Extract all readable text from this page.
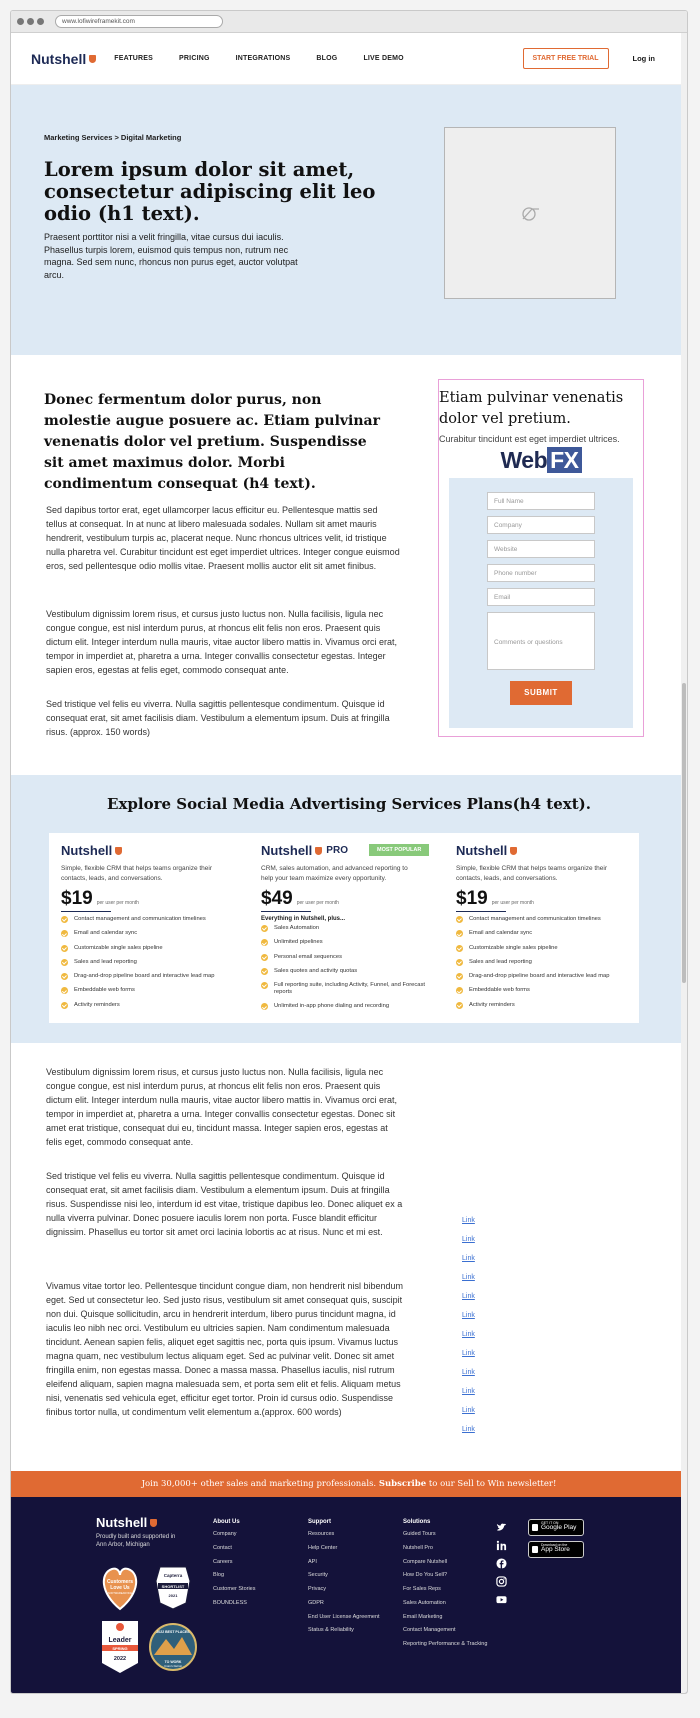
www.lofiwireframekit.com
Nutshell	FEATURES	PRICING	INTEGRATIONS	BLOG	LIVE DEMO	START FREE TRIAL	Log in
Marketing Services > Digital Marketing
Lorem ipsum dolor sit amet, consectetur adipiscing elit leo odio (h1 text).

Praesent porttitor nisi a velit fringilla, vitae cursus dui iaculis. Phasellus turpis lorem, euismod quis tempus non, rutrum nec magna. Sed sem nunc, rhoncus non purus eget, auctor volutpat arcu.

Donec fermentum dolor purus, non molestie augue posuere ac. Etiam pulvinar venenatis dolor vel pretium. Suspendisse sit amet maximus dolor. Morbi condimentum consequat (h4 text).

Sed dapibus tortor erat, eget ullamcorper lacus efficitur eu. Pellentesque mattis sed tellus at consequat. In at nunc at libero malesuada sodales. Nullam sit amet mauris hendrerit, vestibulum turpis ac, placerat neque. Nunc rhoncus ultrices velit, id tristique nulla pharetra vel. Curabitur tincidunt est eget imperdiet ultrices. Integer congue euismod eros, sed pellentesque odio mollis vitae. Praesent mollis auctor elit sit amet finibus.

Vestibulum dignissim lorem risus, et cursus justo luctus non. Nulla facilisis, ligula nec congue congue, est nisl interdum purus, at rhoncus elit felis non eros. Praesent quis dictum elit. Integer interdum nulla mauris, vitae auctor libero mattis in. Vivamus orci erat, tempor in imperdiet at, pharetra a urna. Integer convallis consectetur egestas. Integer sapien eros, egestas at felis eget, commodo consequat ante.

Sed tristique vel felis eu viverra. Nulla sagittis pellentesque condimentum. Quisque id consequat erat, sit amet facilisis diam. Vestibulum a elementum ipsum. Duis at fringilla risus. (approx. 150 words)

Etiam pulvinar venenatis dolor vel pretium.
Curabitur tincidunt est eget imperdiet ultrices.
Web FX
Full Name
Company
Website
Phone number
Email
Comments or questions
SUBMIT
Explore Social Media Advertising Services Plans(h4 text).
Nutshell
Simple, flexible CRM that helps teams organize their contacts, leads, and conversations.
$19 per user per month
Contact management and communication timelines
Email and calendar sync
Customizable single sales pipeline
Sales and lead reporting
Drag-and-drop pipeline board and interactive lead map
Embeddable web forms
Activity reminders
Nutshell PRO	MOST POPULAR
CRM, sales automation, and advanced reporting to help your team maximize every opportunity.
$49 per user per month
Everything in Nutshell, plus...
Sales Automation
Unlimited pipelines
Personal email sequences
Sales quotes and activity quotas
Full reporting suite, including Activity, Funnel, and Forecast reports
Unlimited in-app phone dialing and recording
Nutshell
Simple, flexible CRM that helps teams organize their contacts, leads, and conversations.
$19 per user per month
Contact management and communication timelines
Email and calendar sync
Customizable single sales pipeline
Sales and lead reporting
Drag-and-drop pipeline board and interactive lead map
Embeddable web forms
Activity reminders

Vestibulum dignissim lorem risus, et cursus justo luctus non. Nulla facilisis, ligula nec congue congue, est nisl interdum purus, at rhoncus elit felis non eros. Praesent quis dictum elit. Integer interdum nulla mauris, vitae auctor libero mattis in. Vivamus orci erat, tempor in imperdiet at, pharetra a urna. Integer convallis consectetur egestas. Donec sit amet erat tristique, consequat dui eu, tincidunt massa. Integer sapien eros, egestas at felis eget, commodo consequat ante.

Sed tristique vel felis eu viverra. Nulla sagittis pellentesque condimentum. Quisque id consequat erat, sit amet facilisis diam. Vestibulum a elementum ipsum. Duis at fringilla risus. Suspendisse nisi leo, interdum id est vitae, tristique dapibus leo. Donec aliquet ex a nulla viverra pulvinar. Donec posuere iaculis lorem non porta. Fusce blandit efficitur dignissim. Phasellus eu tortor sit amet orci lacinia lobortis ac at risus. Nunc et mi est.

Vivamus vitae tortor leo. Pellentesque tincidunt congue diam, non hendrerit nisl bibendum eget. Sed ut consectetur leo. Sed justo risus, vestibulum sit amet consequat quis, suscipit non dui. Quisque sollicitudin, arcu in hendrerit interdum, libero purus tincidunt magna, id iaculis leo nibh nec orci. Vestibulum eu ultricies sapien. Nam condimentum malesuada tincidunt. Aenean sapien felis, aliquet eget sagittis nec, porta quis ipsum. Vivamus luctus magna quam, nec vestibulum lectus aliquam eget. Sed ac pulvinar velit. Donec sit amet fringilla enim, non egestas massa. Donec a massa massa. Phasellus iaculis, nisl rutrum eleifend aliquam, sapien magna malesuada sem, et porta sem elit et felis. Aliquam metus nisi, venenatis sed vehicula eget, efficitur eget tortor. Proin id cursus odio. Suspendisse finibus tortor nulla, ut condimentum velit elementum a.(approx. 600 words)

Link
Link
Link
Link
Link
Link
Link
Link
Link
Link
Link
Link
Join 30,000+ other sales and marketing professionals. Subscribe to our Sell to Win newsletter!
Nutshell
Proudly built and supported in Ann Arbor, Michigan
Customers
Love Us
SOFTWAREADVICE
Capterra
SHORTLIST
2021
Leader
SPRING
2022
2022 BEST PLACES
TO WORK
Crain's Detroit
About Us
Company
Contact
Careers
Blog
Customer Stories
BOUNDLESS
Support
Resources
Help Center
API
Security
Privacy
GDPR
End User License Agreement
Status & Reliability
Solutions
Guided Tours
Nutshell Pro
Compare Nutshell
How Do You Sell?
For Sales Reps
Sales Automation
Email Marketing
Contact Management
Reporting Performance & Tracking
GET IT ON
Google Play
Download on the
App Store
